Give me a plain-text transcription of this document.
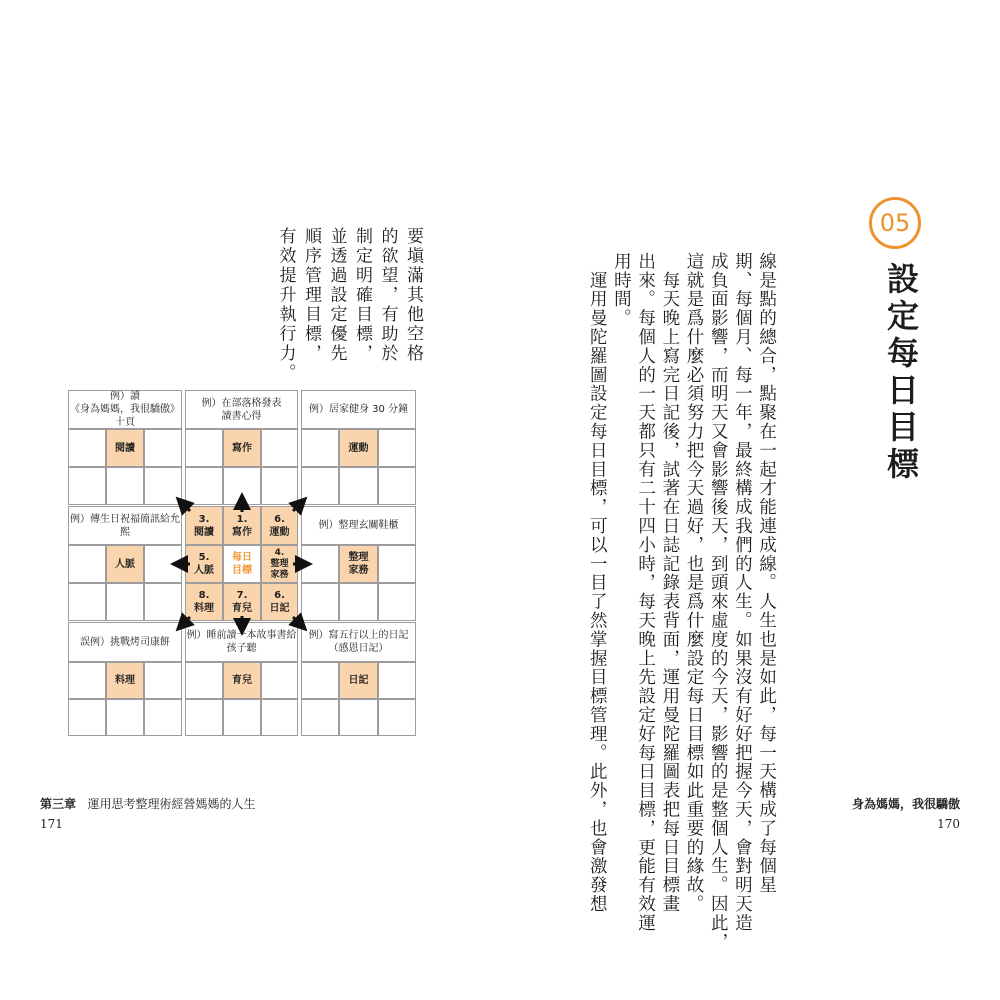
05
設定每日目標
線是點的總合，點聚在一起才能連成線。人生也是如此，每一天構成了每個星
期、每個月、每一年，最終構成我們的人生。如果沒有好好把握今天，會對明天造
成負面影響，而明天又會影響後天，到頭來虛度的今天，影響的是整個人生。因此，
這就是爲什麼必須努力把今天過好，也是爲什麼設定每日目標如此重要的緣故。
　每天晚上寫完日記後，試著在日誌記錄表背面，運用曼陀羅圖表把每日目標畫
出來。每個人的一天都只有二十四小時，每天晚上先設定好每日目標，更能有效運
用時間。
　運用曼陀羅圖設定每日目標，可以一目了然掌握目標管理。此外，也會激發想
要塡滿其他空格
的欲望，有助於
制定明確目標，
並透過設定優先
順序管理目標，
有效提升執行力。
例）讀
《身為媽媽，我很驕傲》十頁
閱讀
例）在部落格發表
讀書心得
寫作
例）居家健身 30 分鐘
運動
例）傳生日祝福簡訊給允熙
人脈
3.
閱讀
1.
寫作
6.
運動
5.
人脈
每日
目標
4.
整理
家務
8.
料理
7.
育兒
6.
日記
例）整理玄關鞋櫃
整理
家務
誤例）挑戰烤司康餅
料理
例）睡前讀一本故事書給
孩子聽
育兒
例）寫五行以上的日記
（感恩日記）
日記
第三章 運用思考整理術經營媽媽的人生
171
身為媽媽，我很驕傲
170
